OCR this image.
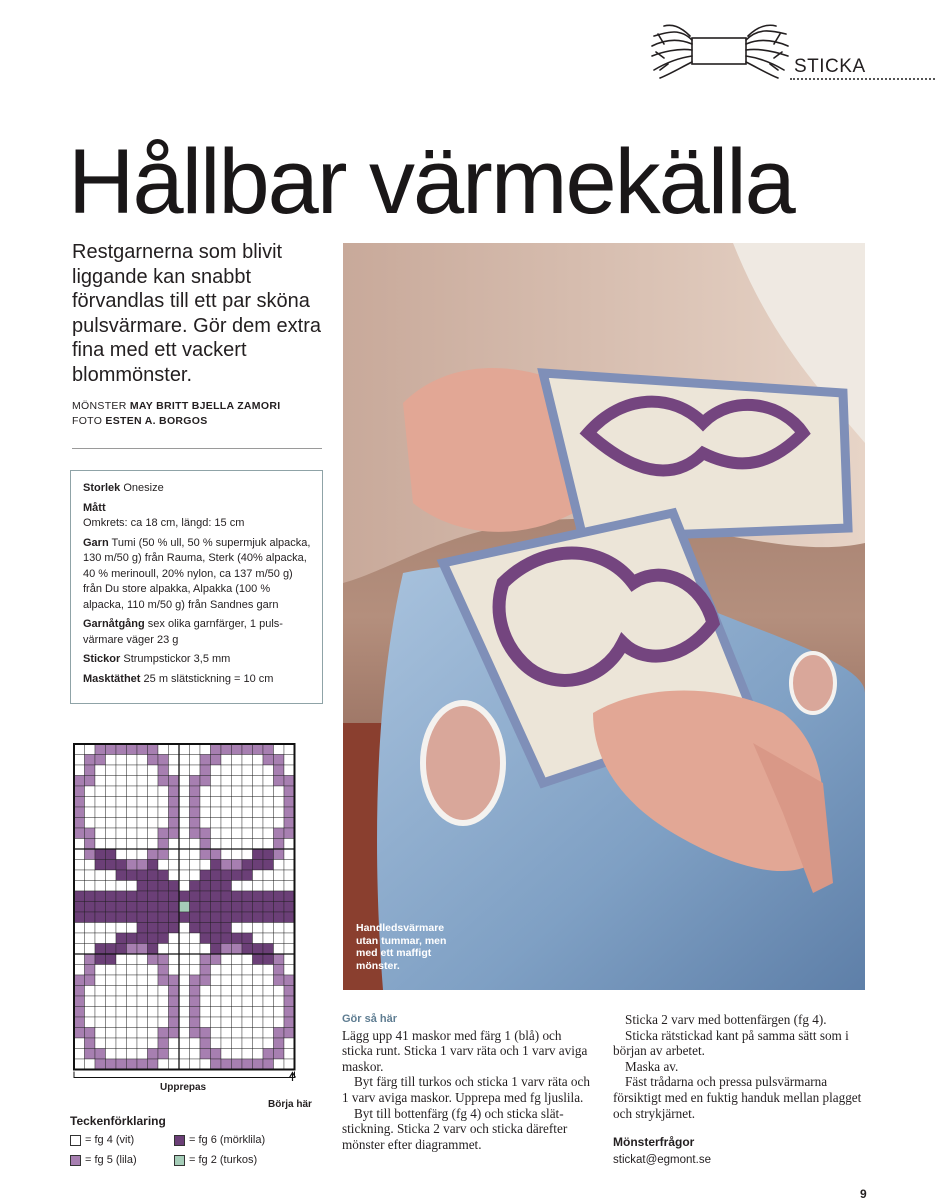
STICKA
Hållbar värmekälla
Restgarnerna som blivit liggande kan snabbt förvandlas till ett par sköna pulsvärmare. Gör dem extra fina med ett vackert blommönster.
MÖNSTER MAY BRITT BJELLA ZAMORI
FOTO ESTEN A. BORGOS

Storlek Onesize

Mått
Omkrets: ca 18 cm, längd: 15 cm

Garn Tumi (50 % ull, 50 % supermjuk alpacka, 130 m/50 g) från Rauma, Sterk (40% alpacka, 40 % merinoull, 20% nylon, ca 137 m/50 g) från Du store alpakka, Alpakka (100 % alpacka, 110 m/50 g) från Sandnes garn

Garnåtgång sex olika garnfärger, 1 puls-värmare väger 23 g

Stickor Strumpstickor 3,5 mm

Masktäthet 25 m slätstickning = 10 cm

Handledsvärmare utan tummar, men med ett maffigt mönster.
Upprepas
Börja här
Teckenförklaring
= fg 4 (vit)	= fg 6 (mörklila)
= fg 5 (lila)	= fg 2 (turkos)
Gör så här

Lägg upp 41 maskor med färg 1 (blå) och sticka runt. Sticka 1 varv räta och 1 varv aviga maskor.

Byt färg till turkos och sticka 1 varv räta och 1 varv aviga maskor. Upprepa med fg ljuslila.

Byt till bottenfärg (fg 4) och sticka slät-stickning. Sticka 2 varv och sticka därefter mönster efter diagrammet.

Sticka 2 varv med bottenfärgen (fg 4).

Sticka rätstickad kant på samma sätt som i början av arbetet.

Maska av.

Fäst trådarna och pressa pulsvärmarna försiktigt med en fuktig handuk mellan plagget och strykjärnet.

Mönsterfrågor
stickat@egmont.se
9
